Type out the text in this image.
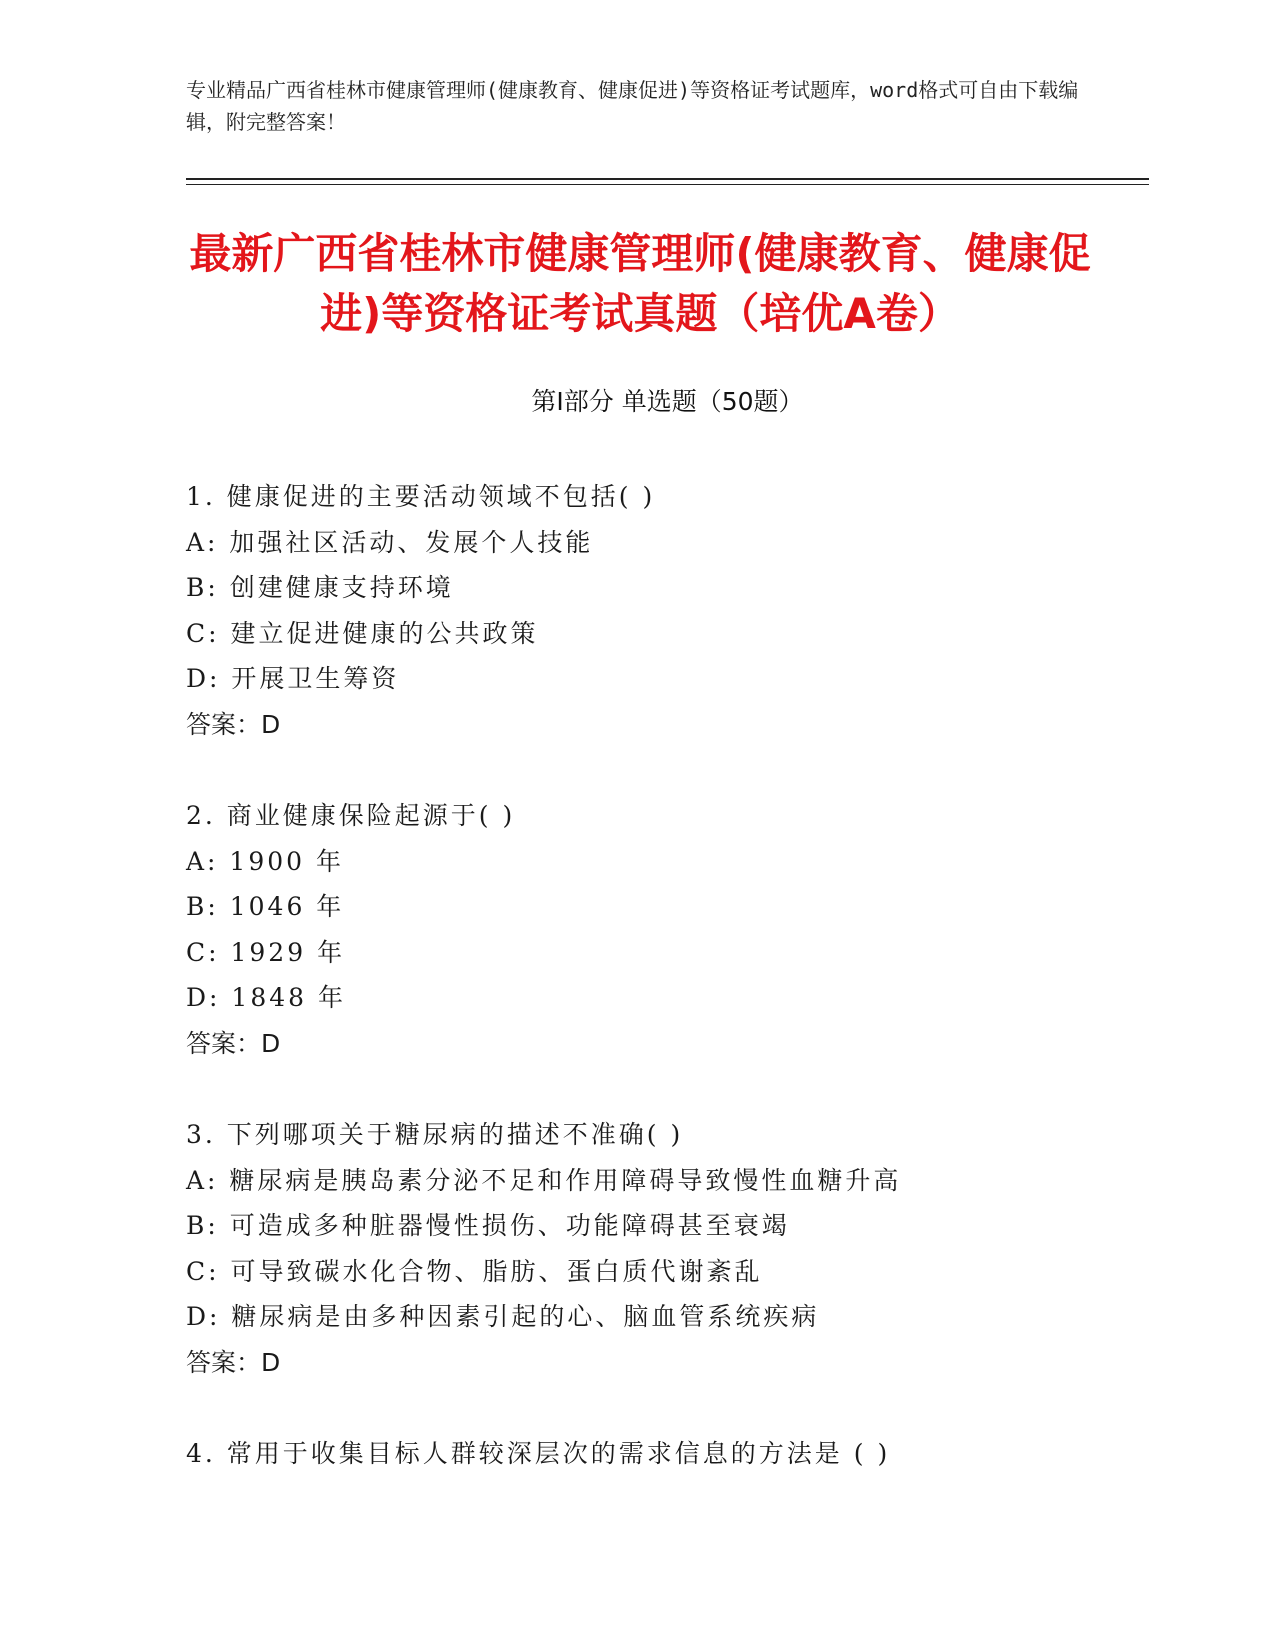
专业精品广西省桂林市健康管理师(健康教育、健康促进)等资格证考试题库，word格式可自由下载编辑，附完整答案！
最新广西省桂林市健康管理师(健康教育、健康促进)等资格证考试真题（培优A卷）
第Ⅰ部分 单选题（50题）
1. 健康促进的主要活动领域不包括( )
A: 加强社区活动、发展个人技能
B: 创建健康支持环境
C: 建立促进健康的公共政策
D: 开展卫生筹资
答案：D
2. 商业健康保险起源于( )
A: 1900 年
B: 1046 年
C: 1929 年
D: 1848 年
答案：D
3. 下列哪项关于糖尿病的描述不准确( )
A: 糖尿病是胰岛素分泌不足和作用障碍导致慢性血糖升高
B: 可造成多种脏器慢性损伤、功能障碍甚至衰竭
C: 可导致碳水化合物、脂肪、蛋白质代谢紊乱
D: 糖尿病是由多种因素引起的心、脑血管系统疾病
答案：D
4. 常用于收集目标人群较深层次的需求信息的方法是 ( )
